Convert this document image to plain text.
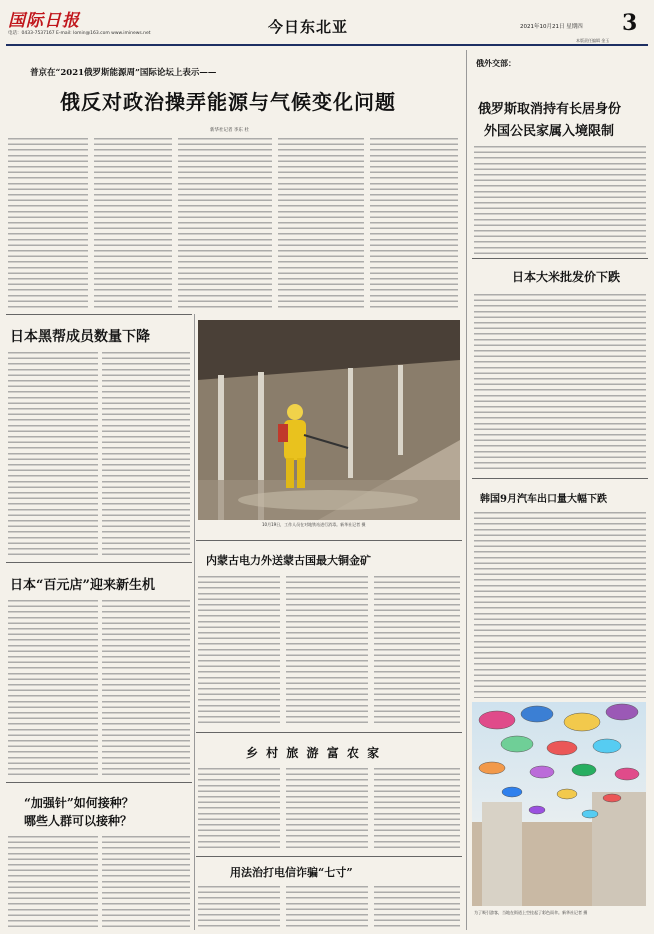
国际日报
电话：0433-7537167 E-mail: lomin@163.com www.iminews.net	今日东北亚	2021年10月21日 星期四 3
本版责任编辑 金玉
普京在“2021俄罗斯能源周”国际论坛上表示——
俄反对政治操弄能源与气候变化问题
新华社记者 李东 杜
俄外交部：
俄罗斯取消持有长居身份
外国公民家属入境限制
日本大米批发价下跌
韩国9月汽车出口量大幅下跌
为了吸引游客，当地在街道上空挂起了彩色雨伞。新华社记者 摄
日本黑帮成员数量下降
10月19日，工作人员在对地铁站进行消毒。新华社记者 摄
内蒙古电力外送蒙古国最大铜金矿
日本“百元店”迎来新生机
乡 村 旅 游 富 农 家
“加强针”如何接种？
哪些人群可以接种？
用法治打电信诈骗“七寸”
